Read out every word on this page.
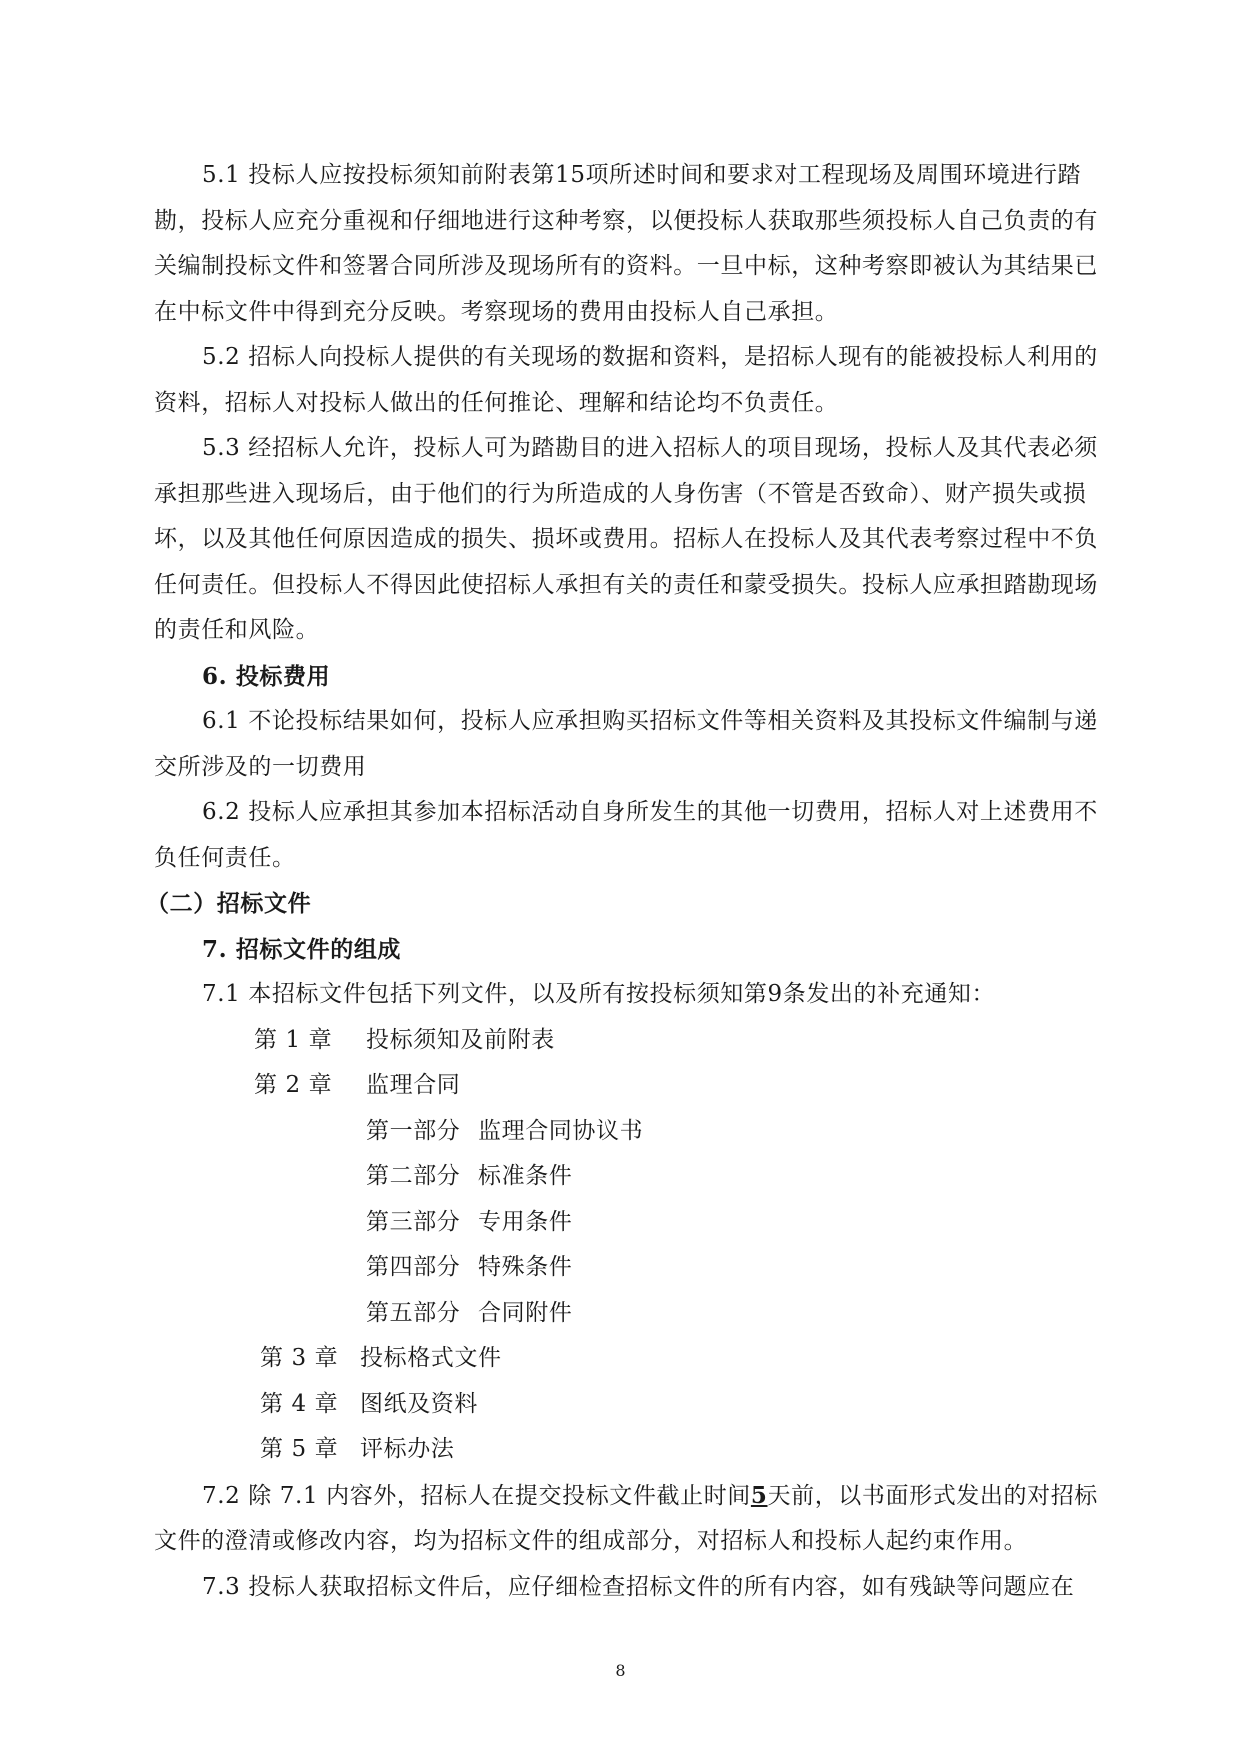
5.1 投标人应按投标须知前附表第15项所述时间和要求对工程现场及周围环境进行踏勘，投标人应充分重视和仔细地进行这种考察，以便投标人获取那些须投标人自己负责的有关编制投标文件和签署合同所涉及现场所有的资料。一旦中标，这种考察即被认为其结果已在中标文件中得到充分反映。考察现场的费用由投标人自己承担。

5.2 招标人向投标人提供的有关现场的数据和资料，是招标人现有的能被投标人利用的资料，招标人对投标人做出的任何推论、理解和结论均不负责任。

5.3 经招标人允许，投标人可为踏勘目的进入招标人的项目现场，投标人及其代表必须承担那些进入现场后，由于他们的行为所造成的人身伤害（不管是否致命）、财产损失或损坏，以及其他任何原因造成的损失、损坏或费用。招标人在投标人及其代表考察过程中不负任何责任。但投标人不得因此使招标人承担有关的责任和蒙受损失。投标人应承担踏勘现场的责任和风险。

6. 投标费用

6.1 不论投标结果如何，投标人应承担购买招标文件等相关资料及其投标文件编制与递交所涉及的一切费用

6.2 投标人应承担其参加本招标活动自身所发生的其他一切费用，招标人对上述费用不负任何责任。

（二）招标文件

7. 招标文件的组成

7.1 本招标文件包括下列文件，以及所有按投标须知第9条发出的补充通知：

第 1 章 投标须知及前附表

第 2 章 监理合同

第一部分 监理合同协议书

第二部分 标准条件

第三部分 专用条件

第四部分 特殊条件

第五部分 合同附件

第 3 章 投标格式文件

第 4 章 图纸及资料

第 5 章 评标办法

7.2 除 7.1 内容外，招标人在提交投标文件截止时间5天前，以书面形式发出的对招标文件的澄清或修改内容，均为招标文件的组成部分，对招标人和投标人起约束作用。

7.3 投标人获取招标文件后，应仔细检查招标文件的所有内容，如有残缺等问题应在

8
